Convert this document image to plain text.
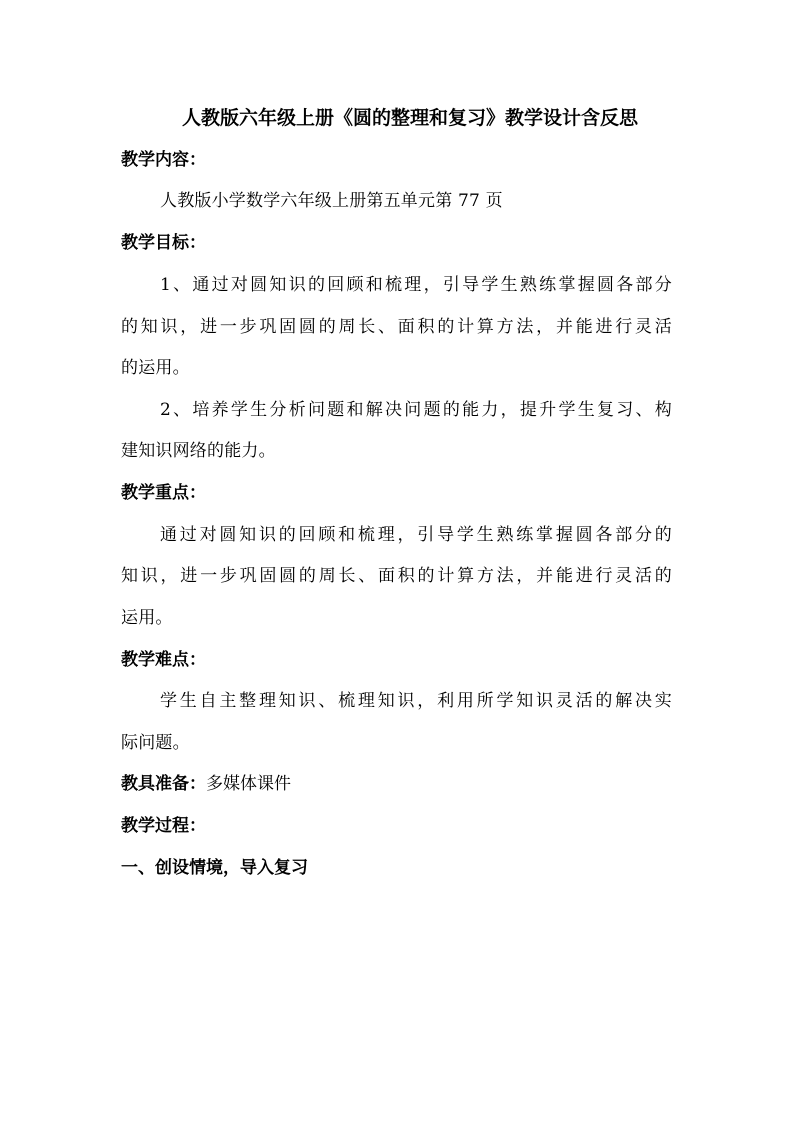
人教版六年级上册《圆的整理和复习》教学设计含反思
教学内容：
人教版小学数学六年级上册第五单元第 77 页
教学目标：
1、通过对圆知识的回顾和梳理，引导学生熟练掌握圆各部分
的知识，进一步巩固圆的周长、面积的计算方法，并能进行灵活
的运用。
2、培养学生分析问题和解决问题的能力，提升学生复习、构
建知识网络的能力。
教学重点：
通过对圆知识的回顾和梳理，引导学生熟练掌握圆各部分的
知识，进一步巩固圆的周长、面积的计算方法，并能进行灵活的
运用。
教学难点：
学生自主整理知识、梳理知识，利用所学知识灵活的解决实
际问题。
教具准备：多媒体课件
教学过程：
一、创设情境，导入复习
